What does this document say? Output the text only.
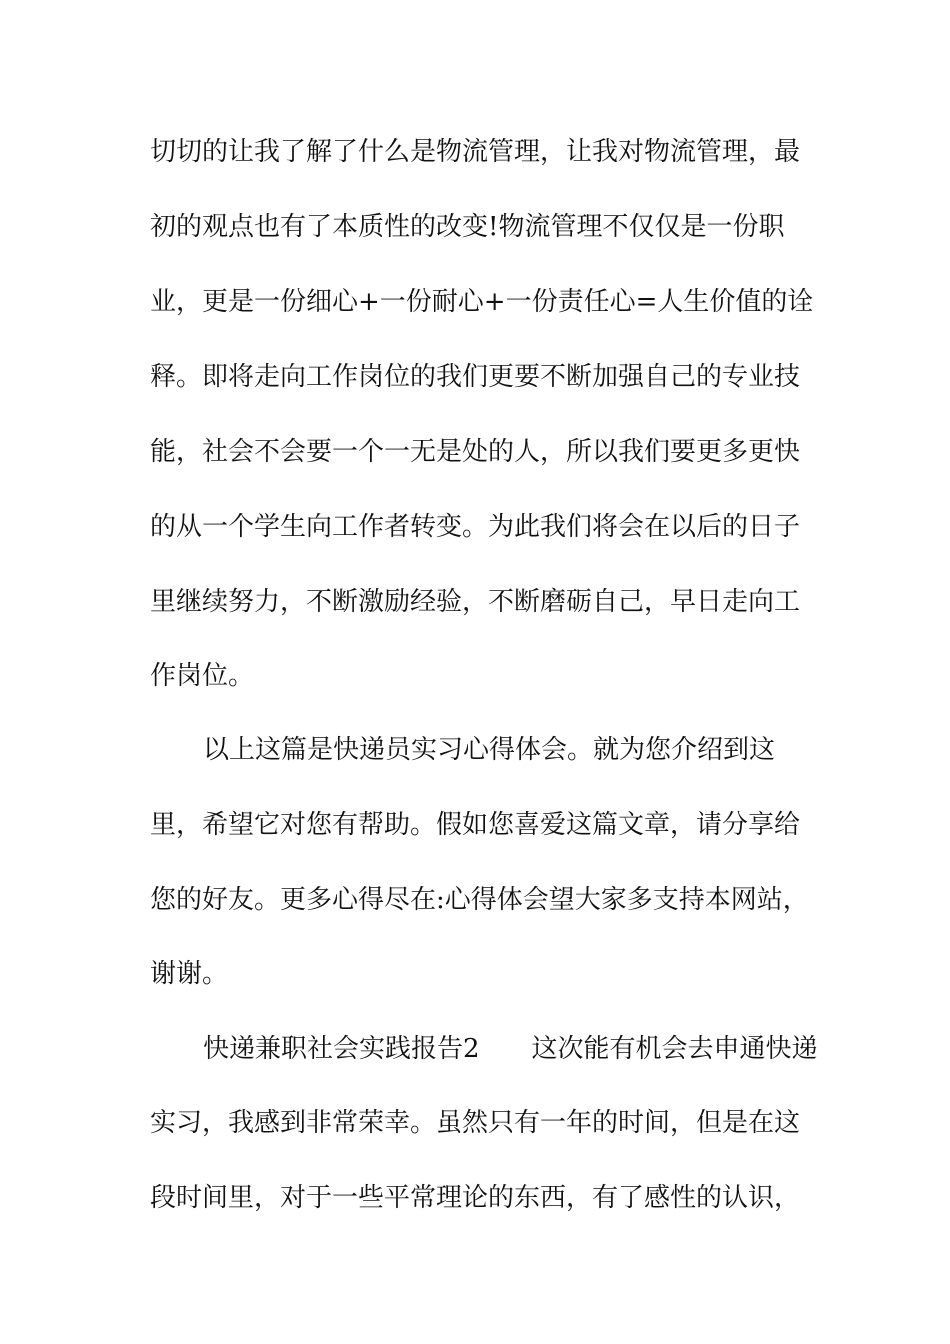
切切的让我了解了什么是物流管理，让我对物流管理，最

初的观点也有了本质性的改变!物流管理不仅仅是一份职

业，更是一份细心+一份耐心+一份责任心=人生价值的诠

释。即将走向工作岗位的我们更要不断加强自己的专业技

能，社会不会要一个一无是处的人，所以我们要更多更快

的从一个学生向工作者转变。为此我们将会在以后的日子

里继续努力，不断激励经验，不断磨砺自己，早日走向工

作岗位。

以上这篇是快递员实习心得体会。就为您介绍到这

里，希望它对您有帮助。假如您喜爱这篇文章，请分享给

您的好友。更多心得尽在:心得体会望大家多支持本网站，

谢谢。

快递兼职社会实践报告2　　这次能有机会去申通快递

实习，我感到非常荣幸。虽然只有一年的时间，但是在这

段时间里，对于一些平常理论的东西，有了感性的认识，
